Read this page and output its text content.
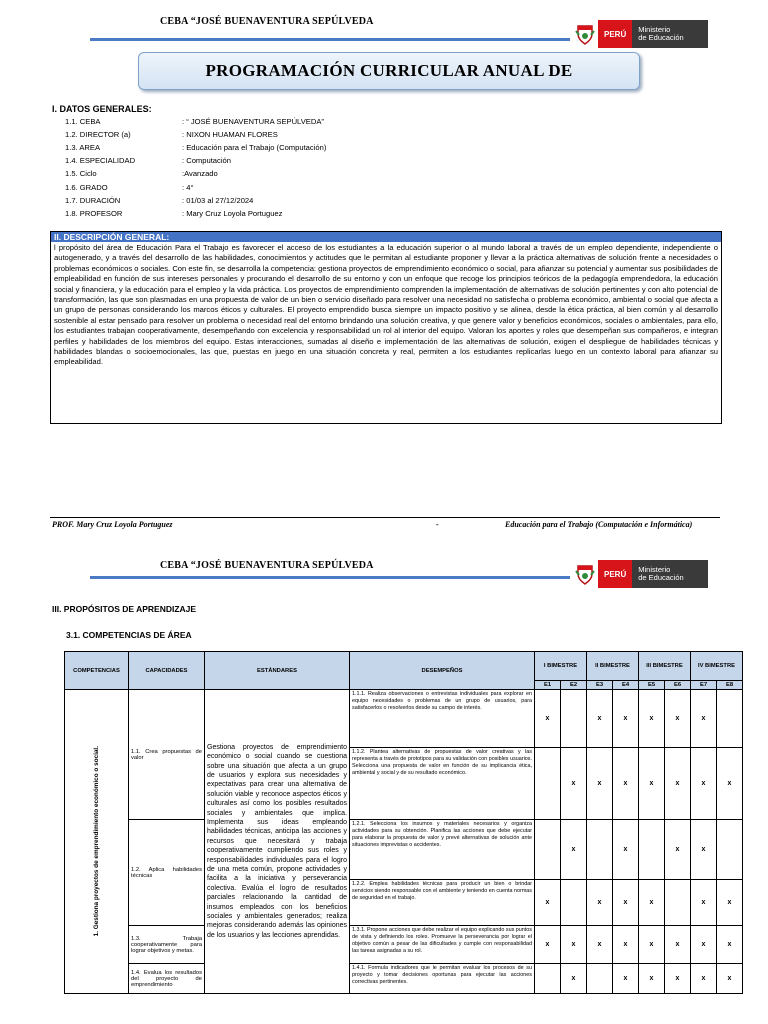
CEBA “JOSÉ BUENAVENTURA SEPÚLVEDA
PERÚ	Ministerio
de Educación
PROGRAMACIÓN CURRICULAR ANUAL DE
I. DATOS GENERALES:
1.1. CEBA	: “ JOSÉ BUENAVENTURA SEPÚLVEDA”
1.2. DIRECTOR (a)	: NIXON HUAMAN FLORES
1.3. AREA	: Educación para el Trabajo (Computación)
1.4. ESPECIALIDAD	: Computación
1.5. Ciclo	:Avanzado
1.6. GRADO	: 4°
1.7. DURACIÓN	: 01/03 al 27/12/2024
1.8. PROFESOR	: Mary Cruz Loyola Portuguez
II. DESCRIPCIÓN GENERAL:
l propósito del área de Educación Para el Trabajo es favorecer el acceso de los estudiantes a la educación superior o al mundo laboral a través de un empleo dependiente, independiente o autogenerado, y a través del desarrollo de las habilidades, conocimientos y actitudes que le permitan al estudiante proponer y llevar a la práctica alternativas de solución frente a necesidades o problemas económicos o sociales. Con este fin, se desarrolla la competencia: gestiona proyectos de emprendimiento económico o social, para afianzar su potencial y aumentar sus posibilidades de empleabilidad en función de sus intereses personales y procurando el desarrollo de su entorno y con un enfoque que recoge los principios teóricos de la pedagogía emprendedora, la educación social y financiera, y la educación para el empleo y la vida práctica. Los proyectos de emprendimiento comprenden la implementación de alternativas de solución pertinentes y con alto potencial de transformación, las que son plasmadas en una propuesta de valor de un bien o servicio diseñado para resolver una necesidad no satisfecha o problema económico, ambiental o social que afecta a un grupo de personas considerando los marcos éticos y culturales. El proyecto emprendido busca siempre un impacto positivo y se alinea, desde la ética práctica, al bien común y al desarrollo sostenible al estar pensado para resolver un problema o necesidad real del entorno brindando una solución creativa, y que genere valor y beneficios económicos, sociales o ambientales, para ello, los estudiantes trabajan cooperativamente, desempeñando con excelencia y responsabilidad un rol al interior del equipo. Valoran los aportes y roles que desempeñan sus compañeros, e integran perfiles y habilidades de los miembros del equipo. Estas interacciones, sumadas al diseño e implementación de las alternativas de solución, exigen el despliegue de habilidades técnicas y habilidades blandas o socioemocionales, las que, puestas en juego en una situación concreta y real, permiten a los estudiantes replicarlas luego en un contexto laboral para afianzar su empleabilidad.
PROF. Mary Cruz Loyola Portuguez	-	Educación para el Trabajo (Computación e Informática)
CEBA “JOSÉ BUENAVENTURA SEPÚLVEDA
PERÚ	Ministerio
de Educación
III. PROPÓSITOS DE APRENDIZAJE
3.1. COMPETENCIAS DE ÁREA
COMPETENCIAS	CAPACIDADES	ESTÁNDARES	DESEMPEÑOS	I BIMESTRE		II BIMESTRE		III BIMESTRE		IV BIMESTRE	
				E1	E2	E3	E4	E5	E6	E7	E8

1. Gestiona proyectos de emprendimiento económico o social.	1.1. Crea propuestas de valor	Gestiona proyectos de emprendimiento económico o social cuando se cuestiona sobre una situación que afecta a un grupo de usuarios y explora sus necesidades y expectativas para crear una alternativa de solución viable y reconoce aspectos éticos y culturales así como los posibles resultados sociales y ambientales que implica. Implementa sus ideas empleando habilidades técnicas, anticipa las acciones y recursos que necesitará y trabaja cooperativamente cumpliendo sus roles y responsabilidades individuales para el logro de una meta común, propone actividades y facilita a la iniciativa y perseverancia colectiva. Evalúa el logro de resultados parciales relacionando la cantidad de insumos empleados con los beneficios sociales y ambientales generados; realiza mejoras considerando además las opiniones de los usuarios y las lecciones aprendidas.	1.1.1. Realiza observaciones o entrevistas individuales para explorar en equipo necesidades o problemas de un grupo de usuarios, para satisfacerlos o resolverlos desde su campo de interés.	x		x	x	x	x	x	
			1.1.2. Plantea alternativas de propuestas de valor creativas y las representa a través de prototipos para su validación con posibles usuarios. Selecciona una propuesta de valor en función de su implicancia ética, ambiental y social y de su resultado económico.		x	x	x	x	x	x	x
	1.2. Aplica habilidades técnicas		1.2.1. Selecciona los insumos y materiales necesarios y organiza actividades para su obtención. Planifica las acciones que debe ejecutar para elaborar la propuesta de valor y prevé alternativas de solución ante situaciones imprevistas o accidentes.		x		x		x	x	
			1.2.2. Emplea habilidades técnicas para producir un bien o brindar servicios siendo responsable con el ambiente y teniendo en cuenta normas de seguridad en el trabajo.	x		x	x	x		x	x
	1.3. Trabaja cooperativamente para lograr objetivos y metas.		1.3.1. Propone acciones que debe realizar el equipo explicando sus puntos de vista y definiendo los roles. Promueve la perseverancia por lograr el objetivo común a pesar de las dificultades y cumple con responsabilidad las tareas asignadas a su rol.	x	x	x	x	x	x	x	x
	1.4. Evalua los resultados del proyecto de emprendimiento		1.4.1. Formula indicadores que le permitan evaluar los procesos de su proyecto y tomar decisiones oportunas para ejecutar las acciones correctivas pertinentes.		x		x	x	x	x	x
